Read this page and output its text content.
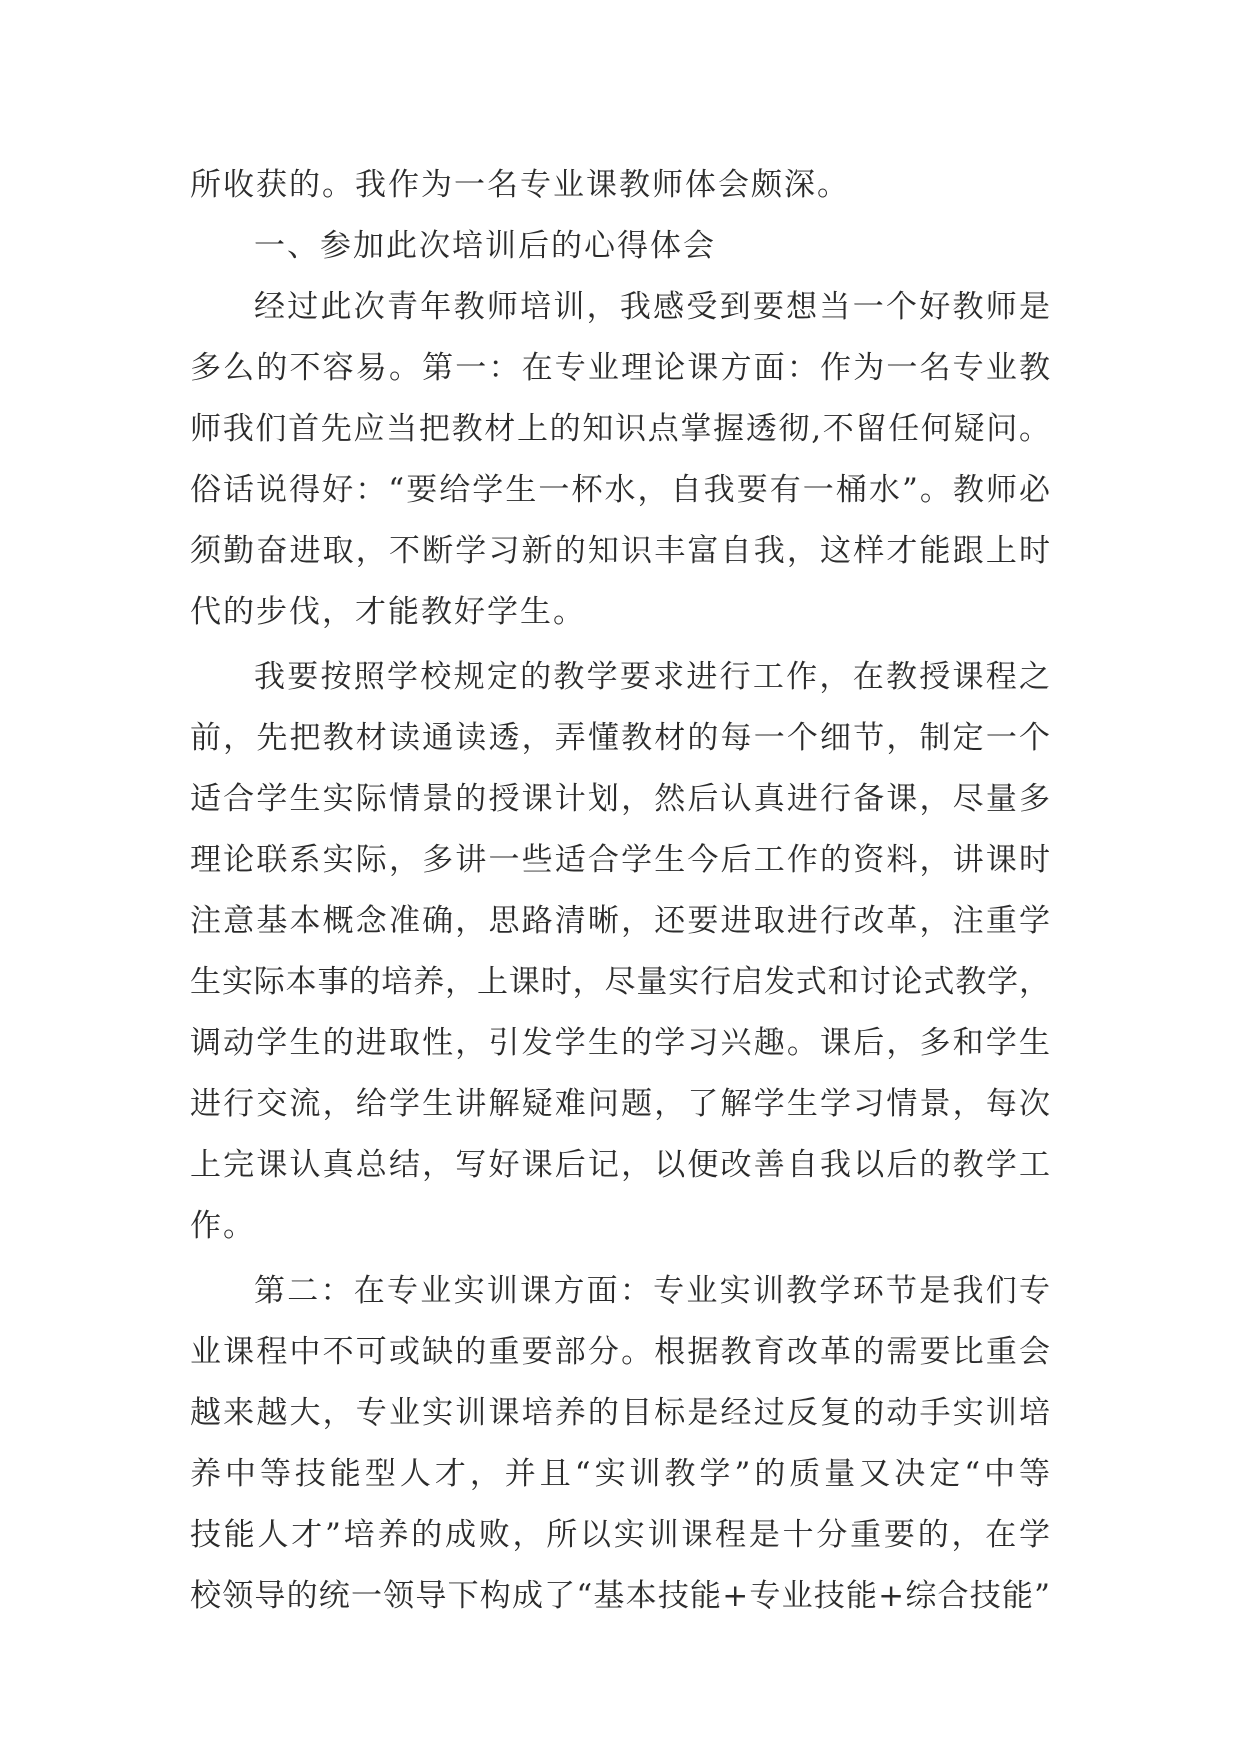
所收获的。我作为一名专业课教师体会颇深。
一、参加此次培训后的心得体会
经过此次青年教师培训，我感受到要想当一个好教师是
多么的不容易。第一：在专业理论课方面：作为一名专业教
师我们首先应当把教材上的知识点掌握透彻,不留任何疑问。
俗话说得好：“要给学生一杯水，自我要有一桶水”。教师必
须勤奋进取，不断学习新的知识丰富自我，这样才能跟上时
代的步伐，才能教好学生。
我要按照学校规定的教学要求进行工作，在教授课程之
前，先把教材读通读透，弄懂教材的每一个细节，制定一个
适合学生实际情景的授课计划，然后认真进行备课，尽量多
理论联系实际，多讲一些适合学生今后工作的资料，讲课时
注意基本概念准确，思路清晰，还要进取进行改革，注重学
生实际本事的培养，上课时，尽量实行启发式和讨论式教学，
调动学生的进取性，引发学生的学习兴趣。课后，多和学生
进行交流，给学生讲解疑难问题，了解学生学习情景，每次
上完课认真总结，写好课后记，以便改善自我以后的教学工
作。
第二：在专业实训课方面：专业实训教学环节是我们专
业课程中不可或缺的重要部分。根据教育改革的需要比重会
越来越大，专业实训课培养的目标是经过反复的动手实训培
养中等技能型人才，并且“实训教学”的质量又决定“中等
技能人才”培养的成败，所以实训课程是十分重要的，在学
校领导的统一领导下构成了“基本技能+专业技能+综合技能”
